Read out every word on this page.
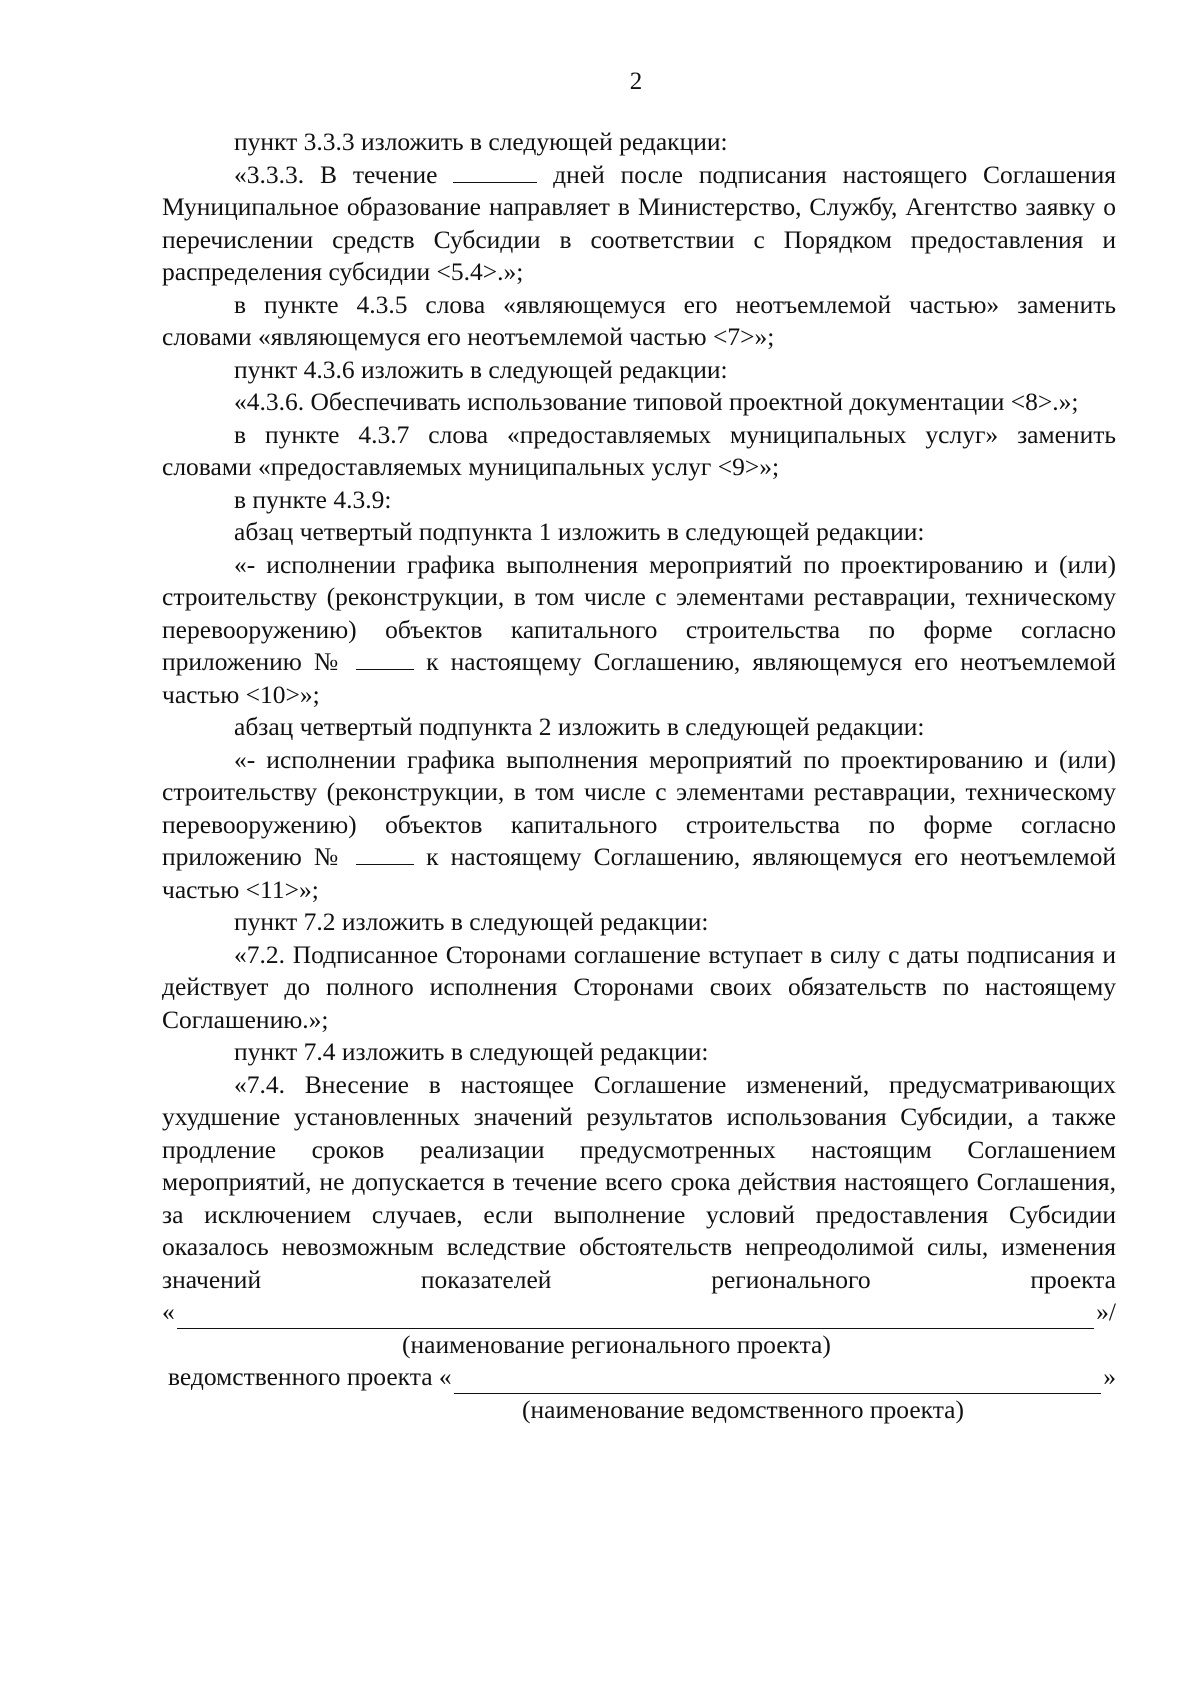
2

пункт 3.3.3 изложить в следующей редакции:

«3.3.3. В течение	дней после подписания настоящего Соглашения Муниципальное образование направляет в Министерство, Службу, Агентство заявку о перечислении средств Субсидии в соответствии с Порядком предоставления и распределения субсидии <5.4>.»;

в пункте 4.3.5 слова «являющемуся его неотъемлемой частью» заменить словами «являющемуся его неотъемлемой частью <7>»;

пункт 4.3.6 изложить в следующей редакции:

«4.3.6. Обеспечивать использование типовой проектной документации <8>.»;

в пункте 4.3.7 слова «предоставляемых муниципальных услуг» заменить словами «предоставляемых муниципальных услуг <9>»;

в пункте 4.3.9:

абзац четвертый подпункта 1 изложить в следующей редакции:

«- исполнении графика выполнения мероприятий по проектированию и (или) строительству (реконструкции, в том числе с элементами реставрации, техническому перевооружению) объектов капитального строительства по форме согласно приложению №  к настоящему Соглашению, являющемуся его неотъемлемой частью <10>»;

абзац четвертый подпункта 2 изложить в следующей редакции:

«- исполнении графика выполнения мероприятий по проектированию и (или) строительству (реконструкции, в том числе с элементами реставрации, техническому перевооружению) объектов капитального строительства по форме согласно приложению №  к настоящему Соглашению, являющемуся его неотъемлемой частью <11>»;

пункт 7.2 изложить в следующей редакции:

«7.2. Подписанное Сторонами соглашение вступает в силу с даты подписания и действует до полного исполнения Сторонами своих обязательств по настоящему Соглашению.»;

пункт 7.4 изложить в следующей редакции:

«7.4. Внесение в настоящее Соглашение изменений, предусматривающих ухудшение установленных значений результатов использования Субсидии, а также продление сроков реализации предусмотренных настоящим Соглашением мероприятий, не допускается в течение всего срока действия настоящего Соглашения, за исключением случаев, если выполнение условий предоставления Субсидии оказалось невозможным вследствие обстоятельств непреодолимой силы, изменения

значений	показателей	регионального	проекта
«	»/
(наименование регионального проекта)
ведомственного проекта «	»
(наименование ведомственного проекта)
